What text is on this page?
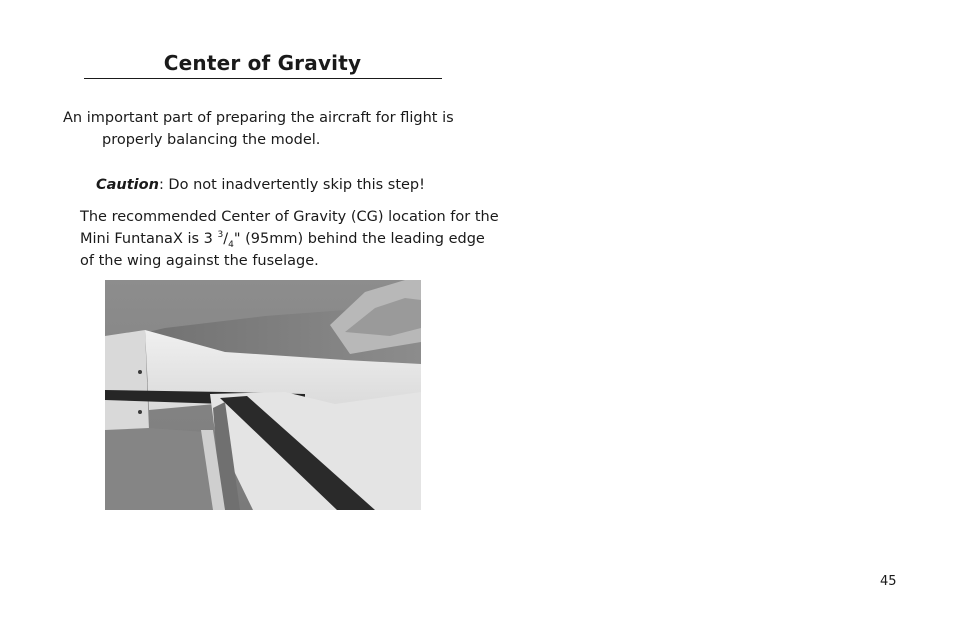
Center of Gravity
An important part of preparing the aircraft for flight is
properly balancing the model.
Caution: Do not inadvertently skip this step!
The recommended Center of Gravity (CG) location for the
Mini FuntanaX is 3 $^3/_4$" (95mm) behind the leading edge
of the wing against the fuselage.
45
